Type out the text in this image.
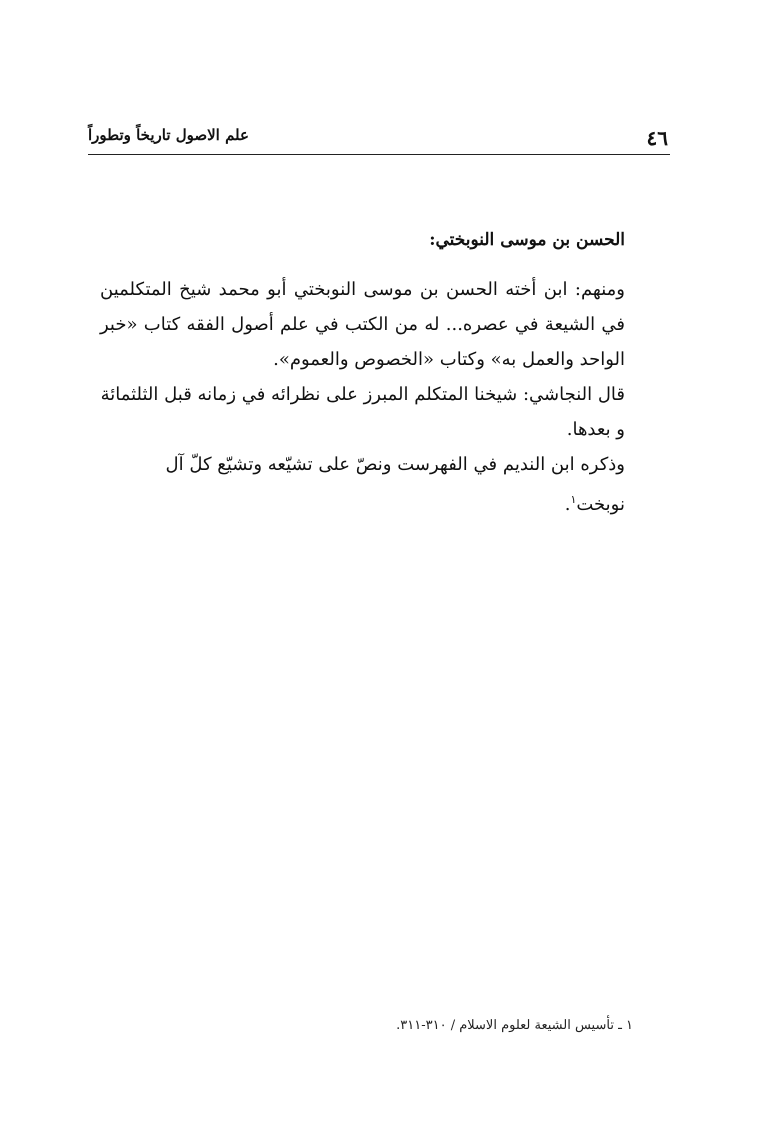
٤٦
علم الاصول تاريخاً وتطوراً
الحسن بن موسى النوبختي:

ومنهم: ابن أخته الحسن بن موسى النوبختي أبو محمد شيخ المتكلمين في الشيعة في عصره... له من الكتب في علم أصول الفقه كتاب «خبر الواحد والعمل به» وكتاب «الخصوص والعموم».

قال النجاشي: شيخنا المتكلم المبرز على نظرائه في زمانه قبل الثلثمائة و بعدها.

وذكره ابن النديم في الفهرست ونصّ على تشيّعه وتشيّع كلّ آل نوبخت$^١$.

١ ـ تأسيس الشيعة لعلوم الاسلام / ٣١٠-٣١١.
